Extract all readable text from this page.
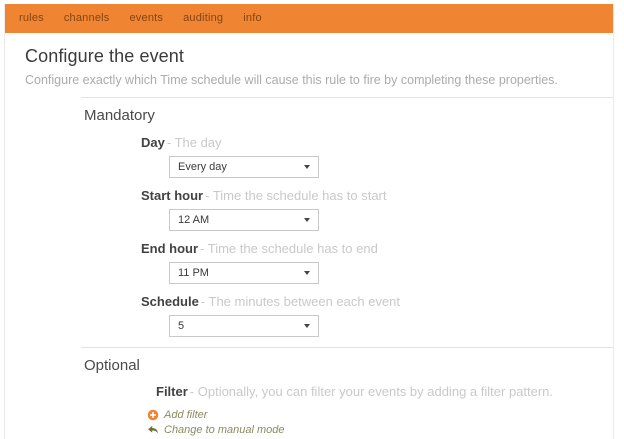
rules	channels	events	auditing	info
Configure the event

Configure exactly which Time schedule will cause this rule to fire by completing these properties.

Mandatory
Day - The day
Every day
Start hour - Time the schedule has to start
12 AM
End hour - Time the schedule has to end
11 PM
Schedule - The minutes between each event
5
Optional
Filter - Optionally, you can filter your events by adding a filter pattern.
Add filter
Change to manual mode
